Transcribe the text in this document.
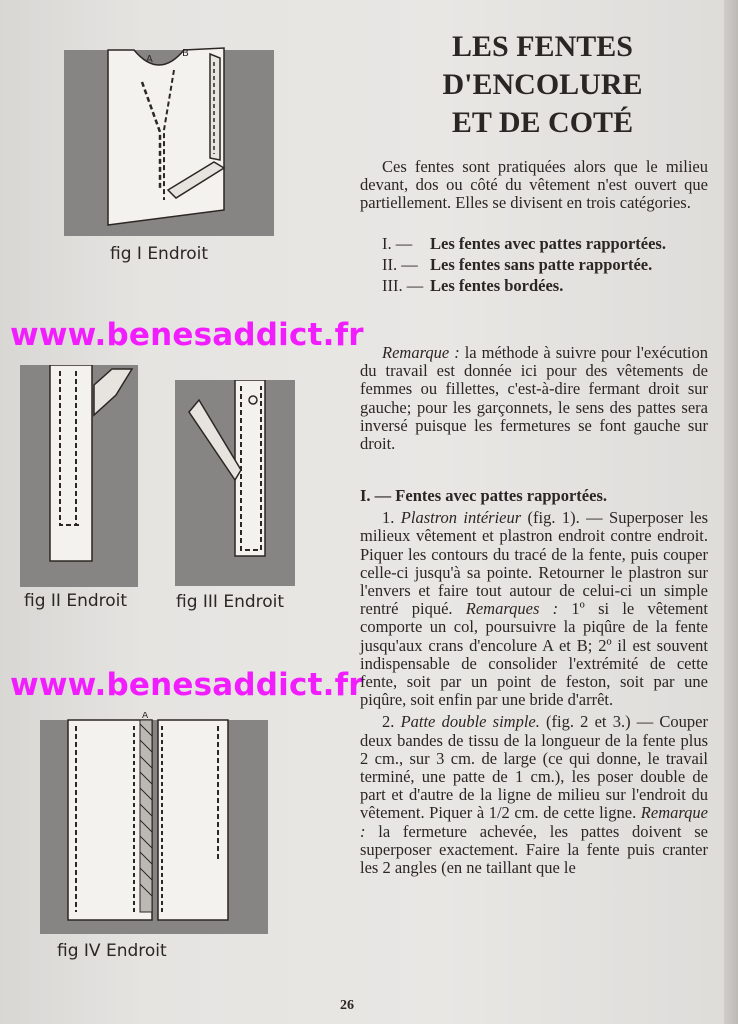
A
B
fig I Endroit
fig II Endroit	fig III Endroit
A
fig IV Endroit
www.benesaddict.fr
www.benesaddict.fr
LES FENTES
D'ENCOLURE
ET DE COTÉ

Ces fentes sont pratiquées alors que le milieu devant, dos ou côté du vêtement n'est ouvert que partiellement. Elles se divisent en trois catégories.

I. —	Les fentes avec pattes rapportées.
II. — Les fentes sans patte rapportée.
III. — Les fentes bordées.

Remarque : la méthode à suivre pour l'exécution du travail est donnée ici pour des vêtements de femmes ou fillettes, c'est-à-dire fermant droit sur gauche; pour les garçonnets, le sens des pattes sera inversé puisque les fermetures se font gauche sur droit.

I. — Fentes avec pattes rapportées.

1. Plastron intérieur (fig. 1). — Superposer les milieux vêtement et plastron endroit contre endroit. Piquer les contours du tracé de la fente, puis couper celle-ci jusqu'à sa pointe. Retourner le plastron sur l'envers et faire tout autour de celui-ci un simple rentré piqué. Remarques : 1º si le vêtement comporte un col, poursuivre la piqûre de la fente jusqu'aux crans d'encolure A et B; 2º il est souvent indispensable de consolider l'extrémité de cette fente, soit par un point de feston, soit par une piqûre, soit enfin par une bride d'arrêt.

2. Patte double simple. (fig. 2 et 3.) — Couper deux bandes de tissu de la longueur de la fente plus 2 cm., sur 3 cm. de large (ce qui donne, le travail terminé, une patte de 1 cm.), les poser double de part et d'autre de la ligne de milieu sur l'endroit du vêtement. Piquer à 1/2 cm. de cette ligne. Remarque : la fermeture achevée, les pattes doivent se superposer exactement. Faire la fente puis cranter les 2 angles (en ne taillant que le

26
